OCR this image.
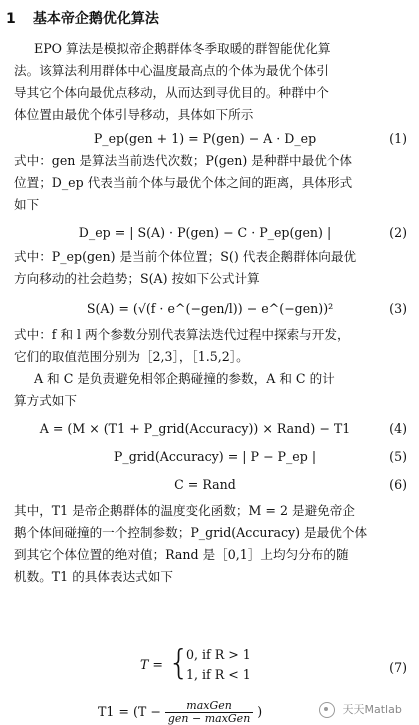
1 基本帝企鹅优化算法
EPO 算法是模拟帝企鹅群体冬季取暖的群智能优化算
法。该算法利用群体中心温度最高点的个体为最优个体引
导其它个体向最优点移动，从而达到寻优目的。种群中个
体位置由最优个体引导移动，具体如下所示
P_ep(gen + 1) = P(gen) − A · D_ep	(1)
式中：gen 是算法当前迭代次数；P(gen) 是种群中最优个体
位置；D_ep 代表当前个体与最优个体之间的距离，具体形式
如下
D_ep = | S(A) · P(gen) − C · P_ep(gen) |	(2)
式中：P_ep(gen) 是当前个体位置；S() 代表企鹅群体向最优
方向移动的社会趋势；S(A) 按如下公式计算
S(A) = (√(f · e^(−gen/l)) − e^(−gen))²	(3)
式中：f 和 l 两个参数分别代表算法迭代过程中探索与开发，
它们的取值范围分别为［2,3］，［1.5,2］。
A 和 C 是负责避免相邻企鹅碰撞的参数，A 和 C 的计
算方式如下
A = (M × (T1 + P_grid(Accuracy)) × Rand) − T1	(4)
P_grid(Accuracy) = | P − P_ep |	(5)
C = Rand	(6)
其中，T1 是帝企鹅群体的温度变化函数；M = 2 是避免帝企
鹅个体间碰撞的一个控制参数；P_grid(Accuracy) 是最优个体
到其它个体位置的绝对值；Rand 是［0,1］上均匀分布的随
机数。T1 的具体表达式如下
T = {
0, if R > 1
1, if R < 1	(7)
$T1 = (T - \frac{\text{maxGen}}{\text{gen − maxGen}}$ )	天天Matlab
